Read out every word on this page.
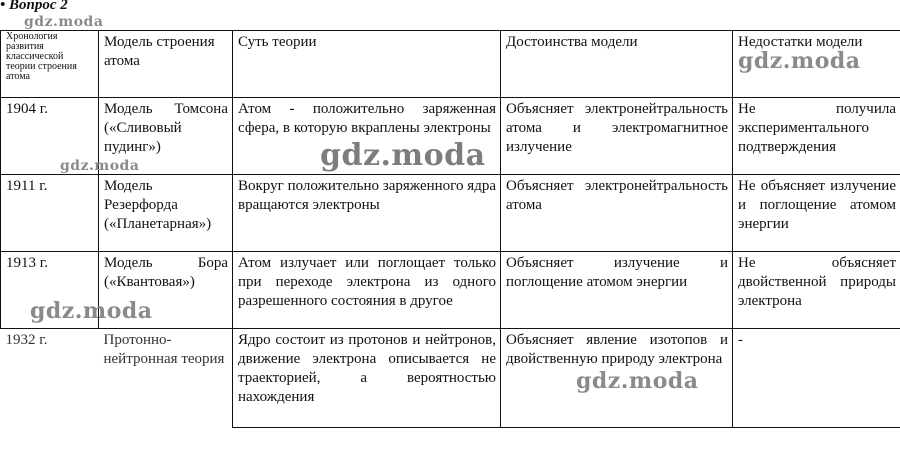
• Вопрос 2
Хронология развития классической теории строения атома	Модель строения атома	Суть теории	Достоинства модели	Недостатки модели
1904 г.	Модель Томсона («Сливовый пудинг»)	Атом - положительно заряженная сфера, в которую вкраплены электроны	Объясняет электронейтральность атома и электромагнитное излучение	Не получила экспериментального подтверждения
1911 г.	Модель Резерфорда («Планетарная»)	Вокруг положительно заряженного ядра вращаются электроны	Объясняет электронейтральность атома	Не объясняет излучение и поглощение атомом энергии
1913 г.	Модель Бора («Квантовая»)	Атом излучает или поглощает только при переходе электрона из одного разрешенного состояния в другое	Объясняет излучение и поглощение атомом энергии	Не объясняет двойственной природы электрона
1932 г.	Протонно-нейтронная теория	Ядро состоит из протонов и нейтронов, движение электрона описывается не траекторией, а вероятностью нахождения	Объясняет явление изотопов и двойственную природу электрона	-
gdz.moda
gdz.moda
gdz.moda
gdz.moda
gdz.moda
gdz.moda
